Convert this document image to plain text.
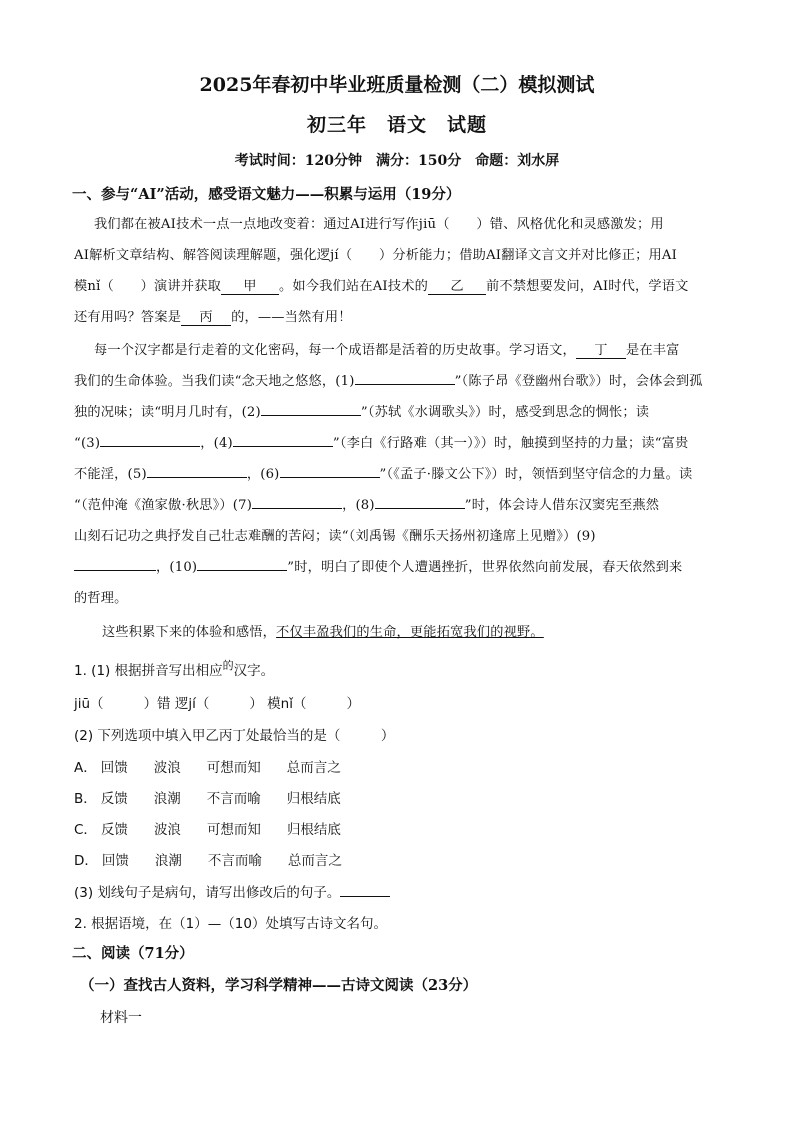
2025年春初中毕业班质量检测（二）模拟测试
初三年　语文　试题
考试时间：120分钟　满分：150分　命题：刘水屏
一、参与“AI”活动，感受语文魅力——积累与运用（19分）
我们都在被AI技术一点一点地改变着：通过AI进行写作jiū（　　）错、风格优化和灵感激发；用
AI解析文章结构、解答阅读理解题，强化逻jí（　　）分析能力；借助AI翻译文言文并对比修正；用AI
模nǐ（　　）演讲并获取 甲 。如今我们站在AI技术的 乙 前不禁想要发问，AI时代，学语文
还有用吗？答案是 丙 的，——当然有用！
每一个汉字都是行走着的文化密码，每一个成语都是活着的历史故事。学习语文， 丁 是在丰富
我们的生命体验。当我们读“念天地之悠悠，(1)	”（陈子昂《登幽州台歌》）时，会体会到孤
独的况味；读“明月几时有，(2)	”（苏轼《水调歌头》）时，感受到思念的惆怅；读
“(3)	，(4)	”（李白《行路难（其一）》）时，触摸到坚持的力量；读“富贵
不能淫，(5)	，(6)	”（《孟子·滕文公下》）时，领悟到坚守信念的力量。读
“（范仲淹《渔家傲·秋思》）(7)	，(8)	”时，体会诗人借东汉窦宪至燕然
山刻石记功之典抒发自己壮志难酬的苦闷；读“（刘禹锡《酬乐天扬州初逢席上见赠》）(9)
，(10)	”时，明白了即使个人遭遇挫折，世界依然向前发展，春天依然到来
的哲理。
这些积累下来的体验和感悟，不仅丰盈我们的生命，更能拓宽我们的视野。
1. (1) 根据拼音写出相应$^的$汉字。
jiū（	）错 逻jí（	） 模nǐ（	）
(2) 下列选项中填入甲乙丙丁处最恰当的是（　　　）
A． 回馈 波浪 可想而知 总而言之
B． 反馈 浪潮 不言而喻 归根结底
C． 反馈 波浪 可想而知 归根结底
D． 回馈 浪潮 不言而喻 总而言之
(3) 划线句子是病句，请写出修改后的句子。
2. 根据语境，在（1）—（10）处填写古诗文名句。
二、阅读（71分）
（一）查找古人资料，学习科学精神——古诗文阅读（23分）
材料一
